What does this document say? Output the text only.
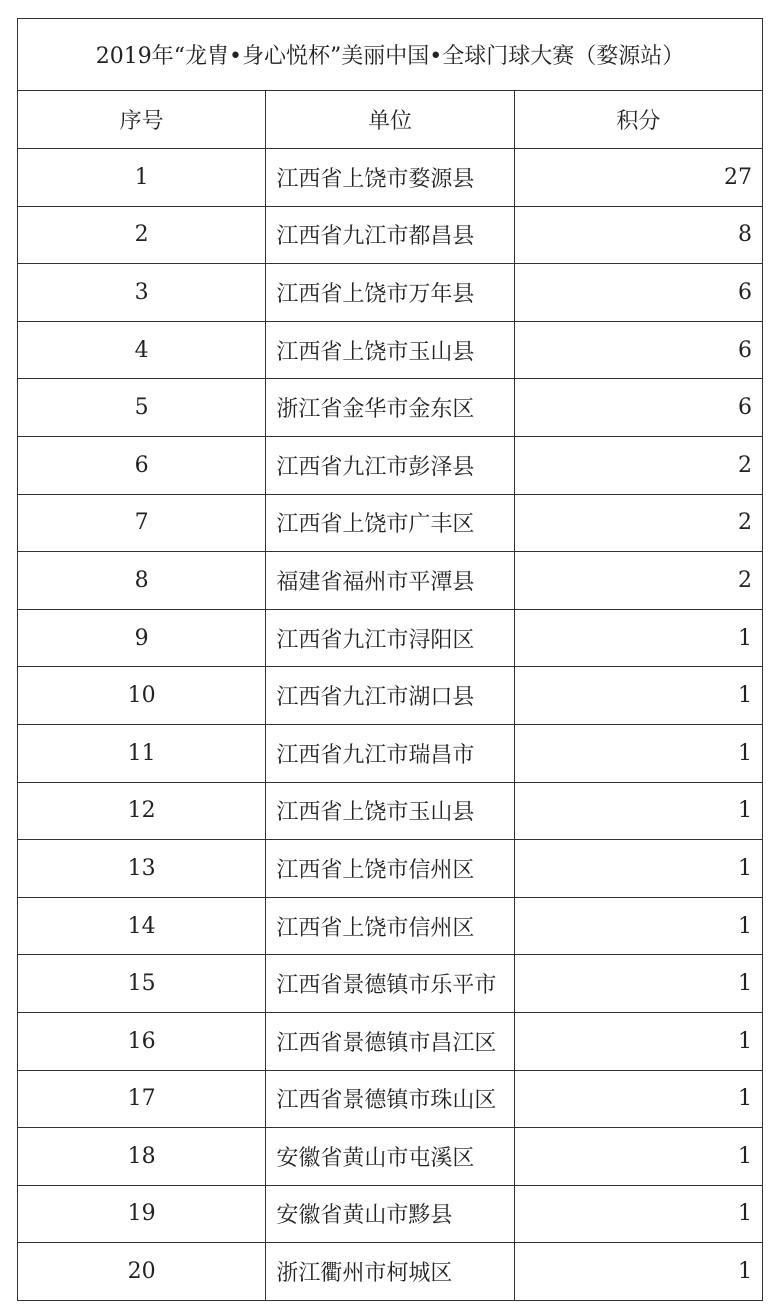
2019年“龙胄•身心悦杯”美丽中国•全球门球大赛（婺源站）		
序号	单位	积分
1	江西省上饶市婺源县	27
2	江西省九江市都昌县	8
3	江西省上饶市万年县	6
4	江西省上饶市玉山县	6
5	浙江省金华市金东区	6
6	江西省九江市彭泽县	2
7	江西省上饶市广丰区	2
8	福建省福州市平潭县	2
9	江西省九江市浔阳区	1
10	江西省九江市湖口县	1
11	江西省九江市瑞昌市	1
12	江西省上饶市玉山县	1
13	江西省上饶市信州区	1
14	江西省上饶市信州区	1
15	江西省景德镇市乐平市	1
16	江西省景德镇市昌江区	1
17	江西省景德镇市珠山区	1
18	安徽省黄山市屯溪区	1
19	安徽省黄山市黟县	1
20	浙江衢州市柯城区	1
